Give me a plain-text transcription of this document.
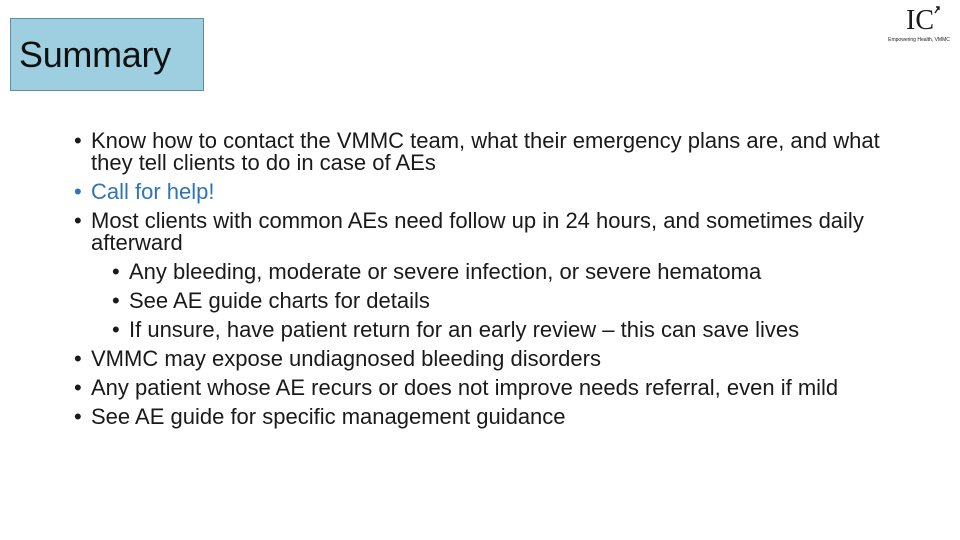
Summary
IC
Empowering Health, VMMC
• Know how to contact the VMMC team, what their emergency plans are, and what they tell clients to do in case of AEs
• Call for help!
• Most clients with common AEs need follow up in 24 hours, and sometimes daily afterward
• Any bleeding, moderate or severe infection, or severe hematoma
• See AE guide charts for details
• If unsure, have patient return for an early review – this can save lives
• VMMC may expose undiagnosed bleeding disorders
• Any patient whose AE recurs or does not improve needs referral, even if mild
• See AE guide for specific management guidance
